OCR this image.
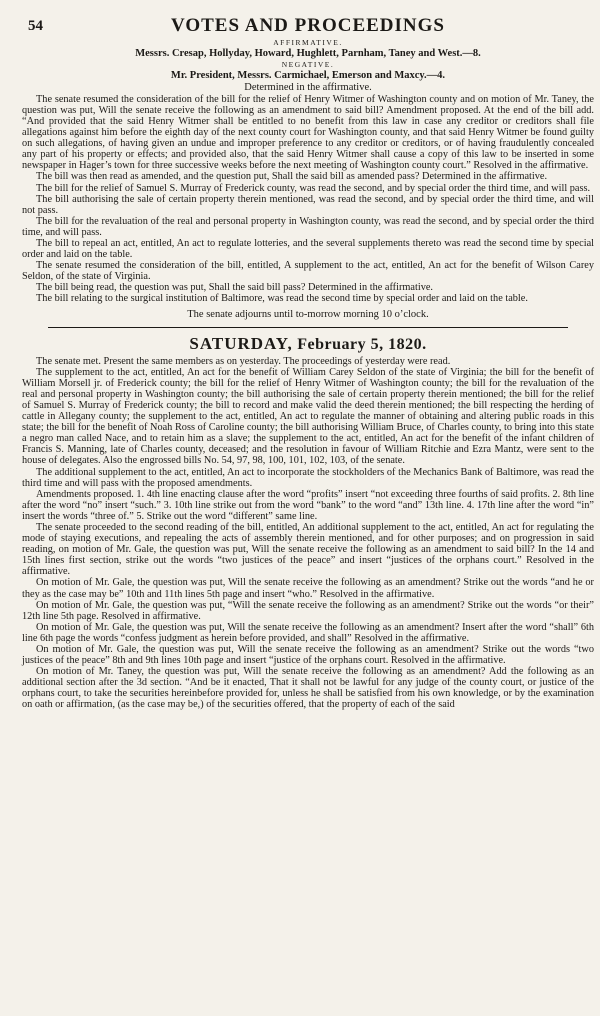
54	VOTES AND PROCEEDINGS
AFFIRMATIVE.
Messrs. Cresap, Hollyday, Howard, Hughlett, Parnham, Taney and West.—8.
NEGATIVE.
Mr. President, Messrs. Carmichael, Emerson and Maxcy.—4.
Determined in the affirmative.

The senate resumed the consideration of the bill for the relief of Henry Witmer of Washington county and on motion of Mr. Taney, the question was put, Will the senate receive the following as an amendment to said bill? Amendment proposed. At the end of the bill add. “And provided that the said Henry Witmer shall be entitled to no benefit from this law in case any creditor or creditors shall file allegations against him before the eighth day of the next county court for Washington county, and that said Henry Witmer be found guilty on such allegations, of having given an undue and improper preference to any creditor or creditors, or of having fraudulently concealed any part of his property or effects; and provided also, that the said Henry Witmer shall cause a copy of this law to be inserted in some newspaper in Hager’s town for three successive weeks before the next meeting of Washington county court.” Resolved in the affirmative.

The bill was then read as amended, and the question put, Shall the said bill as amended pass? Determined in the affirmative.

The bill for the relief of Samuel S. Murray of Frederick county, was read the second, and by special order the third time, and will pass.

The bill authorising the sale of certain property therein mentioned, was read the second, and by special order the third time, and will not pass.

The bill for the revaluation of the real and personal property in Washington county, was read the second, and by special order the third time, and will pass.

The bill to repeal an act, entitled, An act to regulate lotteries, and the several supplements thereto was read the second time by special order and laid on the table.

The senate resumed the consideration of the bill, entitled, A supplement to the act, entitled, An act for the benefit of Wilson Carey Seldon, of the state of Virginia.

The bill being read, the question was put, Shall the said bill pass? Determined in the affirmative.

The bill relating to the surgical institution of Baltimore, was read the second time by special order and laid on the table.

The senate adjourns until to-morrow morning 10 o’clock.
SATURDAY, February 5, 1820.

The senate met. Present the same members as on yesterday. The proceedings of yesterday were read.

The supplement to the act, entitled, An act for the benefit of William Carey Seldon of the state of Virginia; the bill for the benefit of William Morsell jr. of Frederick county; the bill for the relief of Henry Witmer of Washington county; the bill for the revaluation of the real and personal property in Washington county; the bill authorising the sale of certain property therein mentioned; the bill for the relief of Samuel S. Murray of Frederick county; the bill to record and make valid the deed therein mentioned; the bill respecting the herding of cattle in Allegany county; the supplement to the act, entitled, An act to regulate the manner of obtaining and altering public roads in this state; the bill for the benefit of Noah Ross of Caroline county; the bill authorising William Bruce, of Charles county, to bring into this state a negro man called Nace, and to retain him as a slave; the supplement to the act, entitled, An act for the benefit of the infant children of Francis S. Manning, late of Charles county, deceased; and the resolution in favour of William Ritchie and Ezra Mantz, were sent to the house of delegates. Also the engrossed bills No. 54, 97, 98, 100, 101, 102, 103, of the senate.

The additional supplement to the act, entitled, An act to incorporate the stockholders of the Mechanics Bank of Baltimore, was read the third time and will pass with the proposed amendments.

Amendments proposed. 1. 4th line enacting clause after the word “profits” insert “not exceeding three fourths of said profits. 2. 8th line after the word “no” insert “such.” 3. 10th line strike out from the word “bank” to the word “and” 13th line. 4. 17th line after the word “in” insert the words “three of.” 5. Strike out the word “different” same line.

The senate proceeded to the second reading of the bill, entitled, An additional supplement to the act, entitled, An act for regulating the mode of staying executions, and repealing the acts of assembly therein mentioned, and for other purposes; and on progression in said reading, on motion of Mr. Gale, the question was put, Will the senate receive the following as an amendment to said bill? In the 14 and 15th lines first section, strike out the words “two justices of the peace” and insert “justices of the orphans court.” Resolved in the affirmative.

On motion of Mr. Gale, the question was put, Will the senate receive the following as an amendment? Strike out the words “and he or they as the case may be” 10th and 11th lines 5th page and insert “who.” Resolved in the affirmative.

On motion of Mr. Gale, the question was put, “Will the senate receive the following as an amendment? Strike out the words “or their” 12th line 5th page. Resolved in affirmative.

On motion of Mr. Gale, the question was put, Will the senate receive the following as an amendment? Insert after the word “shall” 6th line 6th page the words “confess judgment as herein before provided, and shall” Resolved in the affirmative.

On motion of Mr. Gale, the question was put, Will the senate receive the following as an amendment? Strike out the words “two justices of the peace” 8th and 9th lines 10th page and insert “justice of the orphans court. Resolved in the affirmative.

On motion of Mr. Taney, the question was put, Will the senate receive the following as an amendment? Add the following as an additional section after the 3d section. “And be it enacted, That it shall not be lawful for any judge of the county court, or justice of the orphans court, to take the securities hereinbefore provided for, unless he shall be satisfied from his own knowledge, or by the examination on oath or affirmation, (as the case may be,) of the securities offered, that the property of each of the said
